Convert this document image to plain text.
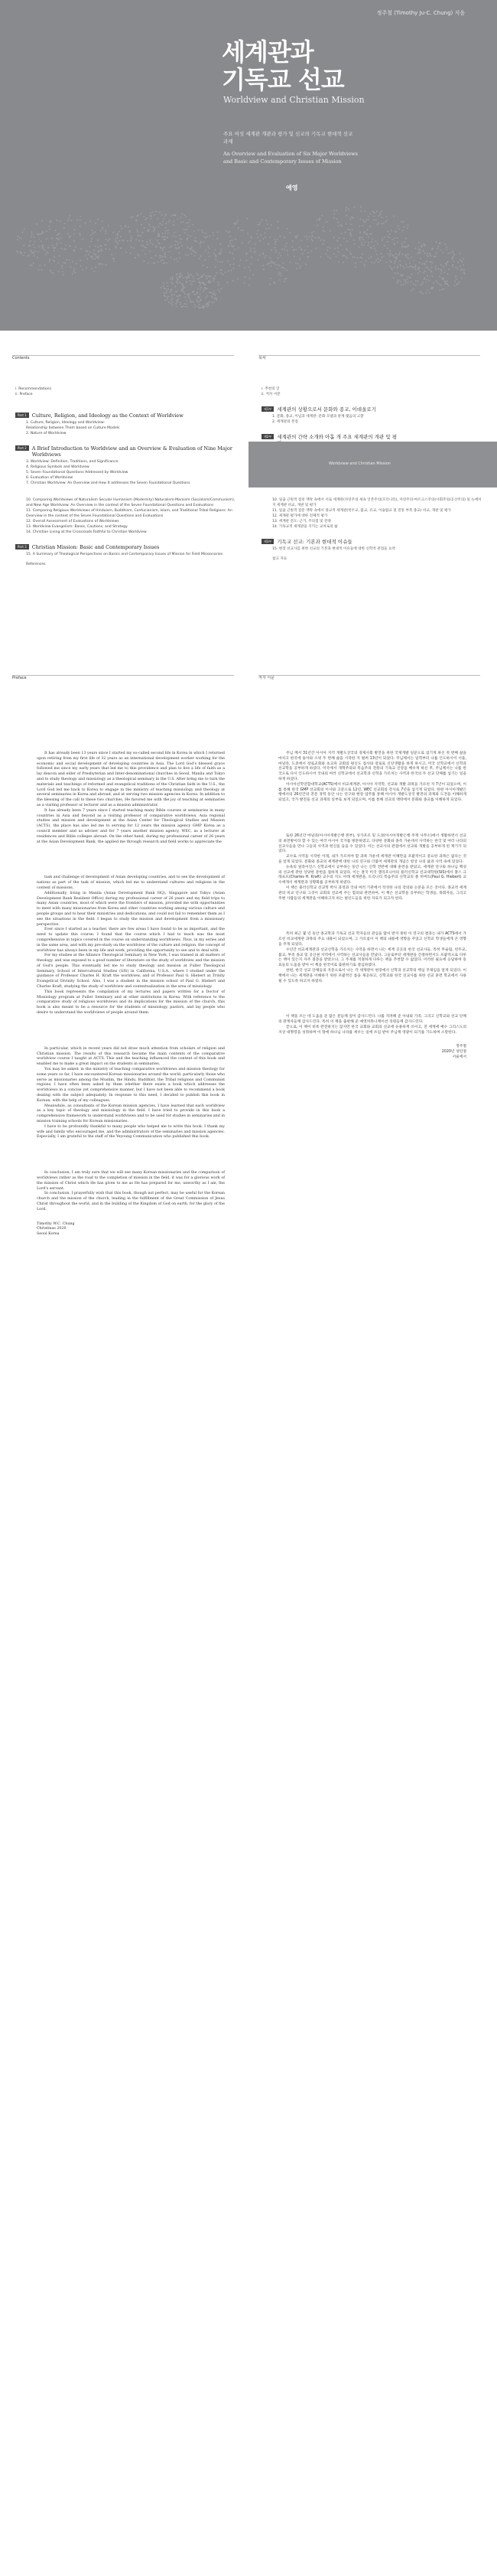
정주철 (Timothy Ju-C. Chung) 지음
세계관과
기독교 선교
Worldview and Christian Mission
주요 여섯 세계관 개관과 평가 및 신교의 기독교 현대적 선교과제
An Overview and Evaluation of Six Major Worldviews and Basic and Contemporary Issues of Mission
예영
Contents	목차
i. Recommendations
ii. Preface
Part 1	Culture, Religion, and Ideology as the Context of Worldview
1. Culture, Religion, Ideology and Worldview:
Relationship between Them based on Culture Models
2. Nature of Worldview
Part 2	A Brief Introduction to Worldview and an Overview & Evaluation of Nine Major Worldviews
3. Worldview: Definition, Traditions, and Significance
4. Religious Symbols and Worldview
5. Seven Foundational Questions Addressed by Worldview
6. Evaluation of Worldview
7. Christian Worldview: An Overview and How It addresses the Seven Foundational Questions
i. 추천의 글
ii. 저자 서문
제1부	세계관의 상황으로서 문화와 종교, 이데올로기
1. 문화, 종교, 이념과 세계관: 문화 모델과 관계 맺음의 고찰
2. 세계관의 본질
제2부	세계관의 간략 소개와 아홉 개 주요 세계관의 개관 및 평
Worldview and Christian Mission
10. Comparing Worldviews of Naturalism Secular Humanism (Modernity) Naturalism-Marxism (Socialism/Communism), and New Age Worldview: An Overview in the context of the Seven Foundational Questions and Evaluations
11. Comparing Religious Worldviews of Hinduism, Buddhism, Confucianism, Islam, and Traditional Tribal Religions: An Overview in the context of the Seven Foundational Questions and Evaluations
12. Overall Assessment of Evaluations of Worldviews
13. Worldview Evangelism: Bases, Cautions, and Strategy
14. Christian Living at the Crossroads Faithful to Christian Worldview
Part 3	Christian Mission: Basic and Contemporary Issues
15. A Summary of Theological Perspectives on Basics and Contemporary Issues of Mission for Field Missionaries
References
10. 일곱 근원적 질의 맥락 속에서 서로 세계관(자연주의 세속 인본주의(모더니티), 자연주의-마르크스주의(사회주의/공산주의) 및 뉴에이지 세계관 비교, 개관 및 평가
11. 일곱 근원적 질문 맥락 속에서 종교적 세계관(힌두교, 불교, 유교, 이슬람교 및 전통 부족 종교) 비교, 개관 및 평가
12. 세계관 평가에 대한 전체적 평가
13. 세계관 전도: 근거, 주의점 및 전략
14. 기독교적 세계관을 지키는 교차로의 삶
제3부	기독교 선교: 기본과 현대적 이슈들
15. 현장 선교사를 위한 선교의 기본과 현대적 이슈들에 대한 신학적 관점들 요약
참고 자료
Preface	저자 서문

It has already been 13 years since I started my so-called second life in Korea in which I returned upon retiring from my first life of 32 years as an international development worker working for the economic and social development of developing countries in Asia. The Lord God's blessed grace followed me since my early years that led me to this providence and plan to live a life of faith as a lay deacon and elder of Presbyterian and Inter-denominational churches in Seoul, Manila and Tokyo and to study theology and missiology as a theological seminary in the U.S. After bring me to turn the materials and teachings of reformed and evangelical traditions of the Christian faith in the U.S., the Lord God led me back to Korea to engage in the ministry of teaching missiology and theology at several seminaries in Korea and abroad, and at serving two mission agencies in Korea. In addition to the blessing of the call to these two churches, He favored me with the joy of teaching at seminaries as a visiting professor or lecturer and as a mission administrator.

It has already been 7 years since I started teaching many Bible courses at seminaries in many countries in Asia and beyond as a visiting professor of comparative worldviews, Asia regional studies and mission and development at the Asian Center for Theological Studies and Mission (ACTS), the place has also led me to serving for 12 years the mission agency GMP Korea as a council member and as adviser and for 7 years another mission agency, WEC, as a lecturer at residences and Bible colleges abroad. On the other hand, during my professional career of 26 years at the Asian Development Bank, the applied me through research and field works to appreciate the

task and challenge of development of Asian developing countries, and to see the development of nations as part of the task of mission, which led me to understand cultures and religions in the context of missions.

Additionally, living in Manila (Asian Development Bank HQ), Singapore and Tokyo (Asian Development Bank Resident Office) during my professional career of 26 years and my field trips to many Asian countries, most of which were the frontiers of mission, provided me with opportunities to meet with many missionaries from Korea and other countries working among various culture and people groups and to hear their ministries and dedications, and could not fail to remember them as I see the situations in the field. I began to study the mission and development from a missionary perspective.

Ever since I started as a teacher, there are few areas I have found to be as important, and the need to update this course: I found that the course which I had to teach was the most comprehensive in topics covered in the course on understanding worldviews. Thus, in my series and in the same area, and with my pre-study on the worldview of the culture and religion, the concept of worldview has always been in my life and work, providing the opportunity to see and to deal with.

For my studies at the Alliance Theological Seminary in New York, I was trained in all matters of theology, and was exposed to a good number of literature on the study of worldview and the mission of God's people. This eventually led me to study theology and mission at Fuller Theological Seminary, School of Intercultural Studies (SIS) in California, U.S.A., where I studied under the guidance of Professor Charles H. Kraft the worldview, and of Professor Paul G. Hiebert at Trinity Evangelical Divinity School. Also, I was a student in the mission school of Paul G. Hiebert and Charles Kraft, studying the study of worldview and contextualization in the area of missiology.

This book represents the compilation of my lectures and papers written for a Doctor of Missiology program at Fuller Seminary and at other institutions in Korea. With reference to the comparative study of religious worldviews and its implications for the mission of the church, this book is also meant to be a resource for the students of missiology, pastors, and lay people who desire to understand the worldviews of people around them.

In particular, which in recent years did not draw much attention from scholars of religion and Christian mission. The results of this research became the main contents of the comparative worldview course I taught at ACTS. This and the teaching influenced the content of this book and enabled me to make a great impact on the students in seminaries.

You may be asked: in the ministry of teaching comparative worldviews and mission theology for some years so far, I have encountered Korean missionaries around the world, particularly those who serve as missionaries among the Muslim, the Hindu, Buddhist, the Tribal religions and Communist regions. I have often been asked by them whether there exists a book which addresses the worldviews in a concise yet comprehensive manner, but I have not been able to recommend a book dealing with the subject adequately. In response to this need, I decided to publish this book in Korean, with the help of my colleagues.

Meanwhile, as consultants of the Korean mission agencies, I have learned that each worldview as a key topic of theology and missiology in the field. I have tried to provide in this book a comprehensive framework to understand worldviews and to be used for studies in seminaries and in mission training schools for Korean missionaries.

I have to be profoundly thankful to many people who helped me to write this book. I thank my wife and family who encouraged me, and the administrators of the seminaries and mission agencies. Especially, I am grateful to the staff of the Yeyoung Communication who published this book.

In conclusion, I am truly sure that we will see many Korean missionaries and the comparison of worldviews rather as the road to the completion of mission in the field, it was for a glorious work of the mission of Christ which He has given to me as He has prepared for me, unworthy as I am, the Lord's servant.

In conclusion, I prayerfully wish that this book, though not perfect, may be useful for the Korean church and the mission of the church, leading in the fulfillment of the Great Commission of Jesus Christ throughout the world, and in the building of the Kingdom of God on earth, for the glory of the Lord.

Timothy W.C. Chung
Christmas 2020
Seoul Korea

주님 께서 31년간 아시아 지역 개발도상국의 경제사회 발전을 위한 국제개발 일꾼으로 섬기게 하신 첫 번째 삶을 마치고 한국에 돌아와 소위 두 번째 삶을 시작한 지 벌써 13년이 되었다. 주님께서는 일찍부터 나를 인도하시어 서울, 마닐라, 도쿄에서 장로교회와 초교파 교회의 평신도 집사와 장로로 신앙생활을 하게 하시고, 미국 신학교에서 신학과 선교학을 공부하게 하셨다. 미국에서 개혁주의와 복음주의 전통의 기독교 신앙을 배우게 하신 후, 주님께서는 나를 한국으로 다시 인도하시어 국내외 여러 신학교에서 선교학과 신학을 가르치는 사역과 한국의 두 선교 단체를 섬기는 일을 하게 하셨다.

아시아신학연합대학교(ACTS)에서 비교세계관, 아시아 지역학, 선교와 개발 과목을 가르친 지 7년이 되었으며, 이를 통해 한국 GMP 선교회의 이사와 고문으로 12년, WEC 선교회의 강사로 7년을 섬기게 되었다. 한편 아시아개발은행에서의 26년간의 전문 경력 동안 나는 연구와 현장 업무를 통해 아시아 개발도상국 발전의 과제와 도전을 이해하게 되었고, 국가 발전을 선교 과제의 일부로 보게 되었으며, 이를 통해 선교의 맥락에서 문화와 종교를 이해하게 되었다.

또한 26년간 마닐라(아시아개발은행 본부), 싱가포르 및 도쿄(아시아개발은행 주재 사무소)에서 생활하면서 선교의 최전방이라 할 수 있는 여러 아시아 국가를 방문하였고, 다양한 문화와 종족 가운데서 사역하는 한국 및 여러 나라의 선교사들을 만나 그들의 사역과 헌신을 들을 수 있었다. 이는 선교사의 관점에서 선교와 개발을 공부하게 된 계기가 되었다.

교수로 사역을 시작한 이래, 내가 가르쳐야 할 과목 가운데 세계관 이해만큼 포괄적이고 중요한 과목은 없다는 것을 알게 되었다. 문화와 종교의 세계관에 대한 나의 연구와 더불어 세계관의 개념은 항상 나의 삶과 사역 속에 있었다.

뉴욕의 얼라이언스 신학교에서 공부하는 동안 나는 신학 전반에 대해 훈련을 받았고, 세계관 연구와 하나님 백성의 선교에 관한 상당한 문헌을 접하게 되었다. 이는 결국 미국 캘리포니아의 풀러신학교 선교대학원(SIS)에서 찰스 크래프트(Charles H. Kraft) 교수의 지도 아래 세계관을, 트리니티 복음주의 신학교의 폴 히버트(Paul G. Hiebert) 교수에게서 세계관과 상황화를 공부하게 하였다.

이 책은 풀러신학교 선교학 박사 과정과 국내 여러 기관에서 작성한 나의 강의와 논문을 모은 것이다. 종교적 세계관의 비교 연구와 그것이 교회의 선교에 주는 함의와 관련하여, 이 책은 선교학을 공부하는 학생들, 목회자들, 그리고 주변 사람들의 세계관을 이해하고자 하는 평신도들을 위한 자료가 되고자 한다.

특히 최근 몇 년 동안 종교학과 기독교 선교 학자들의 관심을 많이 받지 못한 이 연구의 결과는 내가 ACTS에서 가르친 비교세계관 과목의 주요 내용이 되었으며, 그 가르침이 이 책의 내용에 영향을 주었고 신학교 학생들에게 큰 영향을 주게 되었다.

수년간 비교세계관과 선교신학을 가르치는 사역을 하면서 나는 세계 곳곳의 한국 선교사들, 특히 무슬림, 힌두교, 불교, 부족 종교 및 공산권 지역에서 사역하는 선교사들을 만났다. 그들로부터 세계관을 간결하면서도 포괄적으로 다루는 책이 있는지 자주 질문을 받았으나, 그 주제를 적절하게 다루는 책을 추천할 수 없었다. 이러한 필요에 응답하여 동료들의 도움을 받아 이 책을 한국어로 출판하기로 결심하였다.

한편, 한국 선교 단체들의 자문으로서 나는 각 세계관이 현장에서 신학과 선교학의 핵심 주제임을 알게 되었다. 이 책에서 나는 세계관을 이해하기 위한 포괄적인 틀을 제공하고, 신학교와 한국 선교사를 위한 선교 훈련 학교에서 사용될 수 있도록 하고자 하였다.

이 책을 쓰는 데 도움을 준 많은 분들께 깊이 감사드린다. 나를 격려해 준 아내와 가족, 그리고 신학교와 선교 단체의 관계자들께 감사드린다. 특히 이 책을 출판해 준 예영커뮤니케이션 직원들께 감사드린다.

끝으로, 이 책이 비록 완전하지는 않지만 한국 교회와 교회의 선교에 유용하게 쓰이고, 전 세계에 예수 그리스도의 지상 대명령을 성취하며 이 땅에 하나님 나라를 세우는 일에 쓰임 받아 주님께 영광이 되기를 기도하며 소망한다.

정주철
2020년 성탄절
서울에서
